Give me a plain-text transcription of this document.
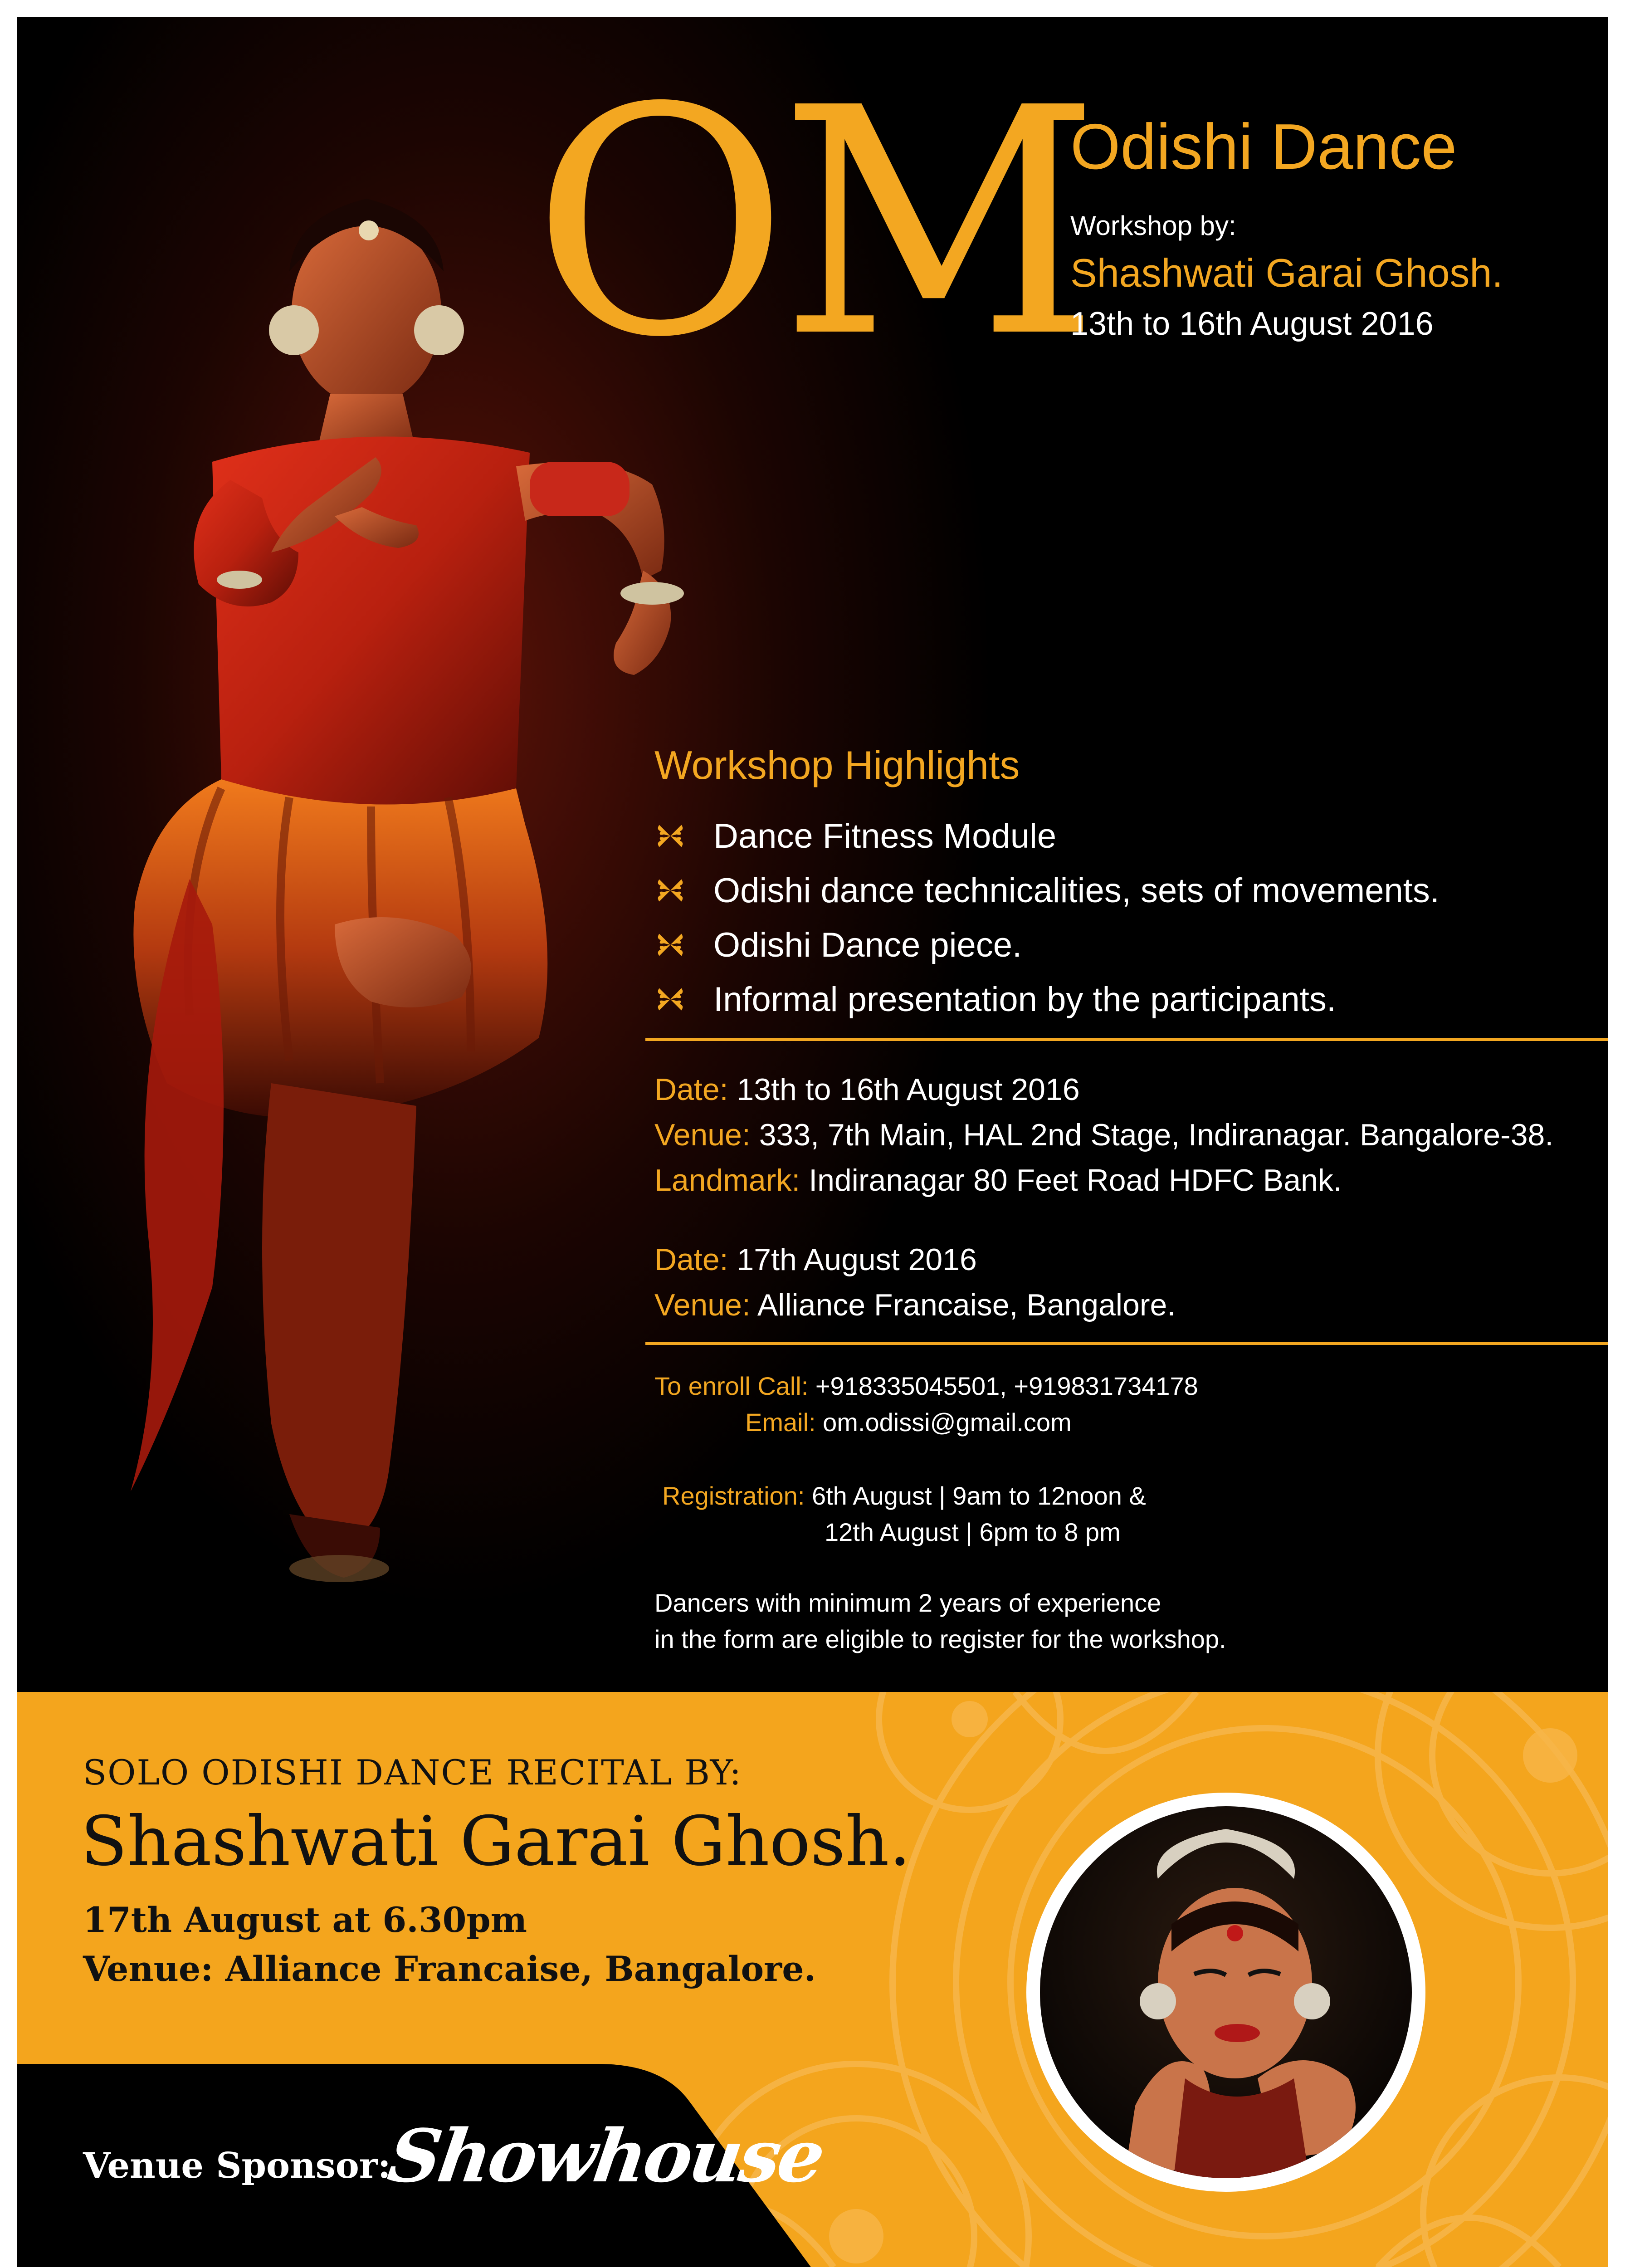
OM
Odishi Dance
Workshop by:
Shashwati Garai Ghosh.
13th to 16th August 2016
Workshop Highlights
Dance Fitness Module
Odishi dance technicalities, sets of movements.
Odishi Dance piece.
Informal presentation by the participants.
Date: 13th to 16th August 2016
Venue: 333, 7th Main, HAL 2nd Stage, Indiranagar. Bangalore-38.
Landmark: Indiranagar 80 Feet Road HDFC Bank.
Date: 17th August 2016
Venue: Alliance Francaise, Bangalore.
To enroll Call: +918335045501, +919831734178
Email: om.odissi@gmail.com
Registration: 6th August | 9am to 12noon &
12th August | 6pm to 8 pm
Dancers with minimum 2 years of experience
in the form are eligible to register for the workshop.
SOLO ODISHI DANCE RECITAL BY:
Shashwati Garai Ghosh.
17th August at 6.30pm
Venue: Alliance Francaise, Bangalore.
Venue Sponsor:
Showhouse
